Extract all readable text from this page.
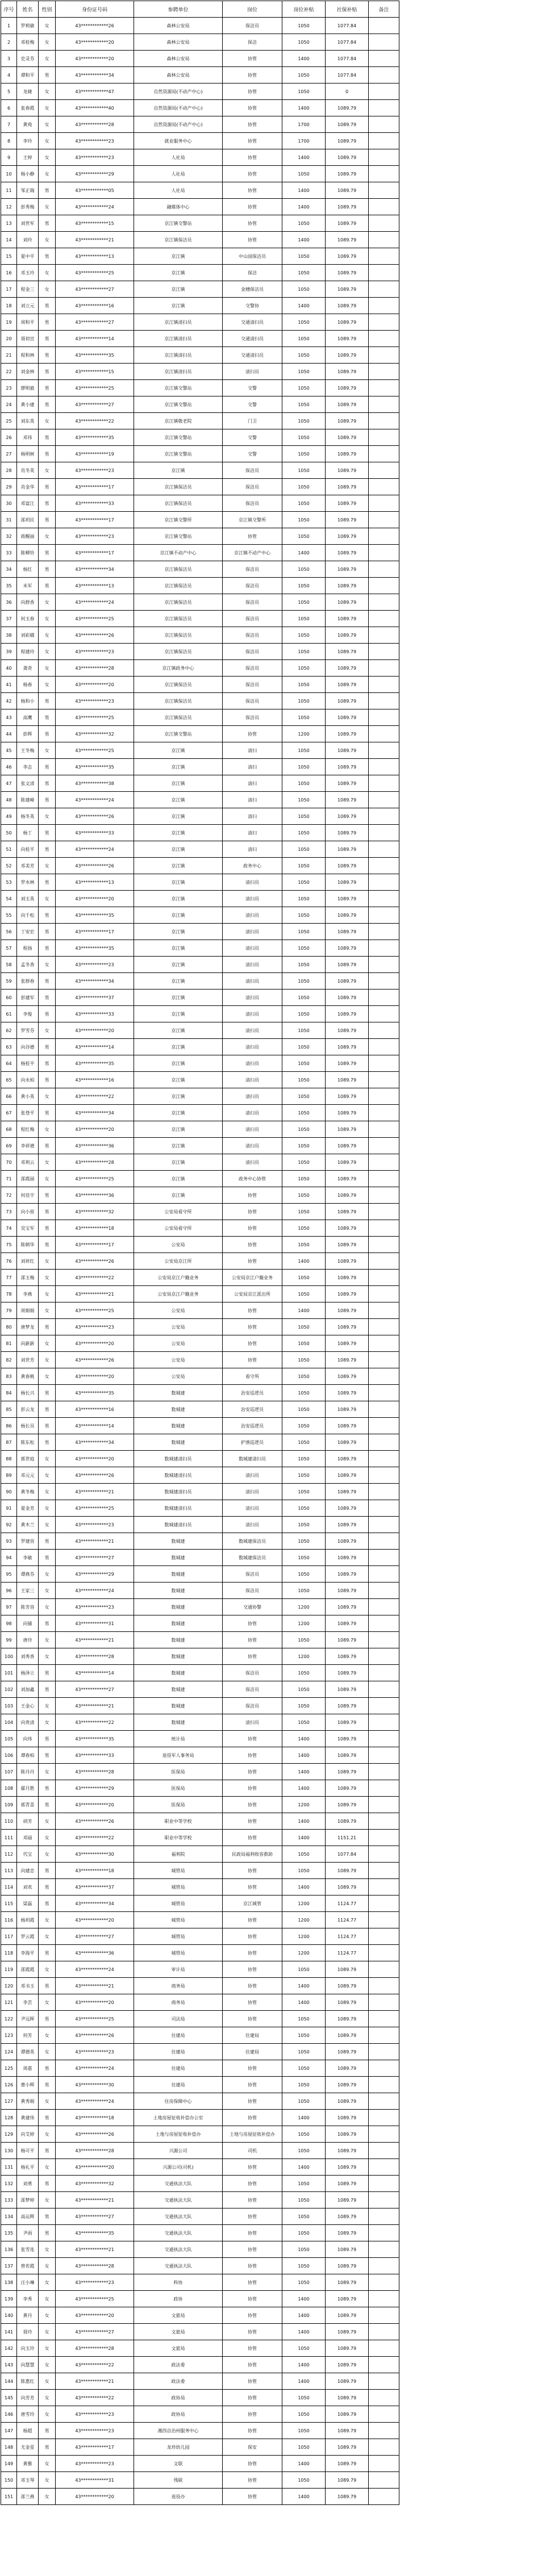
序号	姓名	性别	身份证号码	参聘单位	岗位	岗位补贴	社保补贴	备注
1	罗莉敏	女	43************26	森林公安局	保洁员	1050	1077.84	
2	邓桂梅	女	43************20	森林公安局	保洁	1050	1077.84	
3	史灵芬	女	43************20	森林公安局	协管	1400	1077.84	
4	谭和平	男	43************34	森林公安局	协管	1050	1077.84	
5	龙婕	女	43************47	自然资源局(不动产中心)	协管	1050	0	
6	张春霞	女	43************40	自然资源局(不动产中心)	协管	1400	1089.79	
7	黄苑	女	43************28	自然资源局(不动产中心)	协管	1700	1089.79	
8	李玲	女	43************23	就业服务中心	协管	1700	1089.79	
9	王婷	女	43************23	人社局	协管	1400	1089.79	
10	杨小静	女	43************29	人社局	协管	1050	1089.79	
11	邹正瑞	男	43************05	人社局	协管	1400	1089.79	
12	彭秀梅	女	43************24	融媒体中心	协管	1400	1089.79	
13	刘世军	男	43************15	京江镇交警站	协管	1050	1089.79	
14	刘玲	女	43************21	京江镇保洁员	协管	1400	1089.79	
15	夏中平	男	43************13	京江镇	中山园保洁员	1050	1089.79	
16	邓玉玲	女	43************25	京江镇	保洁	1050	1089.79	
17	程金三	女	43************27	京江镇	金穗保洁员	1050	1089.79	
18	刘立元	男	43************16	京江镇	交警协	1400	1089.79	
19	周和平	男	43************27	京江镇清扫员	交通清扫员	1050	1089.79	
20	聂初宣	男	43************14	京江镇清扫员	交通清扫员	1050	1089.79	
21	程和林	男	43************35	京江镇清扫员	交通清扫员	1050	1089.79	
22	刘金林	男	43************15	京江镇清扫员	清扫员	1050	1089.79	
23	廖明毅	男	43************25	京江镇交警站	交警	1050	1089.79	
24	黄小建	男	43************27	京江镇交警站	交警	1050	1089.79	
25	刘东英	女	43************22	京江镇敬老院	门卫	1050	1089.79	
26	邓伟	男	43************35	京江镇交警站	交警	1050	1089.79	
27	杨明树	男	43************19	京江镇交警站	交警	1050	1089.79	
28	肖冬英	女	43************23	京江镇	保洁员	1050	1089.79	
29	肖金华	男	43************17	京江镇保洁员	保洁员	1050	1089.79	
30	邓富江	男	43************33	京江镇保洁员	保洁员	1050	1089.79	
31	邵玥民	男	43************17	京江镇交警所	京江镇交警所	1050	1089.79	
32	蒋醒丽	女	43************23	京江镇交警站	协管	1050	1089.79	
33	陈柳铃	男	43************17	京江镇不动产中心	京江镇不动产中心	1400	1089.79	
34	杨红	男	43************34	京江镇保洁员	保洁员	1050	1089.79	
35	米军	男	43************13	京江镇保洁员	保洁员	1050	1089.79	
36	向群香	女	43************24	京江镇保洁员	保洁员	1050	1089.79	
37	何玉春	女	43************25	京江镇保洁员	保洁员	1050	1089.79	
38	刘彩娥	女	43************26	京江镇保洁员	保洁员	1050	1089.79	
39	程建玲	女	43************23	京江镇保洁员	保洁员	1050	1089.79	
40	龚奇	女	43************28	京江镇政务中心	保洁员	1050	1089.79	
41	杨春	女	43************20	京江镇保洁员	保洁员	1050	1089.79	
42	杨和小	男	43************23	京江镇保洁员	保洁员	1050	1089.79	
43	高鹰	男	43************25	京江镇保洁员	保洁员	1050	1089.79	
44	彭辉	男	43************32	京江镇交警站	协管	1200	1089.79	
45	王冬梅	女	43************25	京江镇	清扫	1050	1089.79	
46	李志	男	43************35	京江镇	清扫	1050	1089.79	
47	张文清	男	43************38	京江镇	清扫	1050	1089.79	
48	陈建峰	男	43************24	京江镇	清扫	1050	1089.79	
49	杨冬英	女	43************26	京江镇	清扫	1050	1089.79	
50	杨丁	男	43************33	京江镇	清扫	1050	1089.79	
51	向桂平	男	43************24	京江镇	清扫	1050	1089.79	
52	邓美芳	女	43************26	京江镇	政务中心	1050	1089.79	
53	罗水林	男	43************13	京江镇	清扫员	1050	1089.79	
54	刘玉英	女	43************20	京江镇	清扫员	1050	1089.79	
55	向千松	男	43************35	京江镇	清扫员	1050	1089.79	
56	丁安宏	男	43************17	京江镇	清扫员	1050	1089.79	
57	程扬	男	43************35	京江镇	清扫员	1050	1089.79	
58	孟冬香	女	43************23	京江镇	清扫员	1050	1089.79	
59	张群春	男	43************34	京江镇	清扫员	1050	1089.79	
60	彭建军	男	43************37	京江镇	清扫员	1050	1089.79	
61	李俊	男	43************33	京江镇	清扫员	1050	1089.79	
62	罗雪芬	女	43************20	京江镇	清扫员	1050	1089.79	
63	向谷德	男	43************14	京江镇	清扫员	1050	1089.79	
64	杨桂平	男	43************35	京江镇	清扫员	1050	1089.79	
65	向永柏	男	43************16	京江镇	清扫员	1050	1089.79	
66	黄小英	女	43************22	京江镇	清扫员	1050	1089.79	
67	张登平	男	43************34	京江镇	清扫员	1050	1089.79	
68	程红梅	女	43************20	京江镇	清扫员	1050	1089.79	
69	李祥德	男	43************36	京江镇	清扫员	1050	1089.79	
70	邓利云	女	43************28	京江镇	清扫员	1050	1089.79	
71	邵霞丽	女	43************25	京江镇	政务中心协管	1050	1089.79	
72	何佳宇	男	43************36	京江镇	协管	1050	1089.79	
73	向小原	男	43************32	公安局看守所	协管	1050	1089.79	
74	吴宝军	男	43************18	公安局看守所	协管	1050	1089.79	
75	陈朝华	男	43************17	公安局	协管	1050	1089.79	
76	刘祥红	女	43************26	公安局京江所	协管	1400	1089.79	
77	邵玉梅	女	43************22	公安局京江户籍业务	公安局京江户籍业务	1050	1089.79	
78	李燕	女	43************21	公安局京江户籍业务	公安局京江派出所	1050	1089.79	
79	周娟娟	女	43************25	公安局	协管	1400	1089.79	
80	唐梦龙	男	43************23	公安局	协管	1050	1089.79	
81	向新新	女	43************20	公安局	协管	1050	1089.79	
82	刘世芳	女	43************26	公安局	协管	1050	1089.79	
83	黄春桃	女	43************20	公安局	看守所	1050	1089.79	
84	杨长兴	男	43************35	数城建	治安巡逻员	1050	1089.79	
85	彭云龙	男	43************16	数城建	治安巡逻员	1050	1089.79	
86	杨长员	男	43************14	数城建	治安巡逻员	1050	1089.79	
87	陈东松	男	43************34	数城建	护渔巡逻员	1050	1089.79	
88	郭世庭	女	43************20	数城建清扫员	数城建清扫员	1050	1089.79	
89	邓元元	女	43************26	数城建清扫员	清扫员	1050	1089.79	
90	黄冬梅	女	43************21	数城建清扫员	清扫员	1050	1089.79	
91	夏金芳	女	43************25	数城建清扫员	清扫员	1050	1089.79	
92	黄木兰	女	43************23	数城建清扫员	清扫员	1050	1089.79	
93	罗建容	男	43************21	数城建	数城建保洁员	1050	1089.79	
94	李敏	男	43************27	数城建	数城建保洁员	1050	1089.79	
95	谭燕芬	女	43************29	数城建	保洁员	1050	1089.79	
96	王家三	女	43************24	数城建	保洁员	1050	1089.79	
97	陈芳容	女	43************23	数城建	交通协警	1200	1089.79	
98	向铺	男	43************31	数城建	协管	1200	1089.79	
99	唐玲	女	43************21	数城建	协管	1050	1089.79	
100	刘秀香	女	43************28	数城建	协管	1200	1089.79	
101	杨泽立	男	43************14	数城建	保洁员	1050	1089.79	
102	刘加鑫	男	43************27	数城建	保洁员	1050	1089.79	
103	王金心	女	43************21	数城建	保洁员	1050	1089.79	
104	向贵清	女	43************22	数城建	清扫员	1050	1089.79	
105	向玮	男	43************35	统计局	协管	1400	1089.79	
106	谭春柏	男	43************33	退役军人事务局	协管	1400	1089.79	
107	陈丹丹	女	43************28	医保局	协管	1400	1089.79	
108	鄢月胜	男	43************29	医保局	协管	1400	1089.79	
109	郭青喜	男	43************20	医保局	协管	1200	1089.79	
110	胡芳	女	43************26	职业中等学校	协管	1400	1089.79	
111	邓丽	女	43************22	职业中等学校	协管	1400	1151.21	
112	代宝	女	43************30	福利院	民政局福利收容救助	1050	1077.84	
113	向建忠	男	43************18	城管局	协管	1050	1089.79	
114	刘欢	男	43************37	城管局	协管	1400	1089.79	
115	梁磊	男	43************34	城管局	京江城管	1200	1124.77	
116	杨玥霞	女	43************20	城管局	协管	1200	1124.77	
117	罗云霞	女	43************27	城管局	协管	1200	1124.77	
118	李海平	男	43************36	城管局	协管	1200	1124.77	
119	邵霞霞	女	43************24	审计局	协管	1050	1089.79	
120	邓书玉	男	43************21	商务局	协管	1400	1089.79	
121	李芸	女	43************20	商务局	协管	1400	1089.79	
122	尹远晖	男	43************25	司法局	协管	1050	1089.79	
123	何芳	女	43************26	住建局	住建局	1050	1089.79	
124	谭德英	女	43************23	住建局	住建局	1050	1089.79	
125	周嘉	男	43************24	住建局	协管	1050	1089.79	
126	曹小辉	男	43************30	住建局	协管	1050	1089.79	
127	黄秀娟	女	43************24	住房保障中心	协管	1050	1089.79	
128	黄建伟	男	43************18	土地房屋征收补偿办公室	协管	1400	1089.79	
129	向艾婷	女	43************26	土地与房屋征收补偿办	土地与房屋征收补偿办	1050	1089.79	
130	杨可平	男	43************28	兴源公司	司机	1050	1089.79	
131	杨礼平	女	43************20	兴源公司(司机)	协管	1400	1089.79	
132	刘勇	男	43************32	交通执法大队	协管	1050	1089.79	
133	邵梦婷	女	43************21	交通执法大队	协管	1050	1089.79	
134	高运辉	男	43************27	交通执法大队	协管	1050	1089.79	
135	尹雨	男	43************35	交通执法大队	协管	1050	1089.79	
136	张雪连	女	43************21	交通执法大队	协管	1050	1089.79	
137	曾若霞	女	43************28	交通执法大队	协管	1050	1089.79	
138	汪小琳	女	43************23	科协	协管	1050	1089.79	
139	李秀	女	43************25	政协	协管	1400	1089.79	
140	黄丹	女	43************20	文旅局	协管	1400	1089.79	
141	聂玲	女	43************27	文旅局	协管	1400	1089.79	
142	向玉玲	女	43************28	文旅局	协管	1050	1089.79	
143	向慧慧	女	43************22	政法委	协管	1400	1089.79	
144	陈惠红	女	43************21	政法委	协管	1400	1089.79	
145	向芳芳	女	43************22	政协局	协管	1050	1089.79	
146	唐雪玲	女	43************23	政协局	协管	1050	1089.79	
147	杨超	男	43************23	湘西自治州服务中心	协管	1050	1089.79	
148	尤金星	男	43************17	龙珍幼儿园	保安	1050	1089.79	
149	黄雅	女	43************23	文联	协管	1400	1089.79	
150	邓玉琴	女	43************31	残联	协管	1050	1089.79	
151	邵兰燕	女	43************20	退役办	协管	1400	1089.79	
